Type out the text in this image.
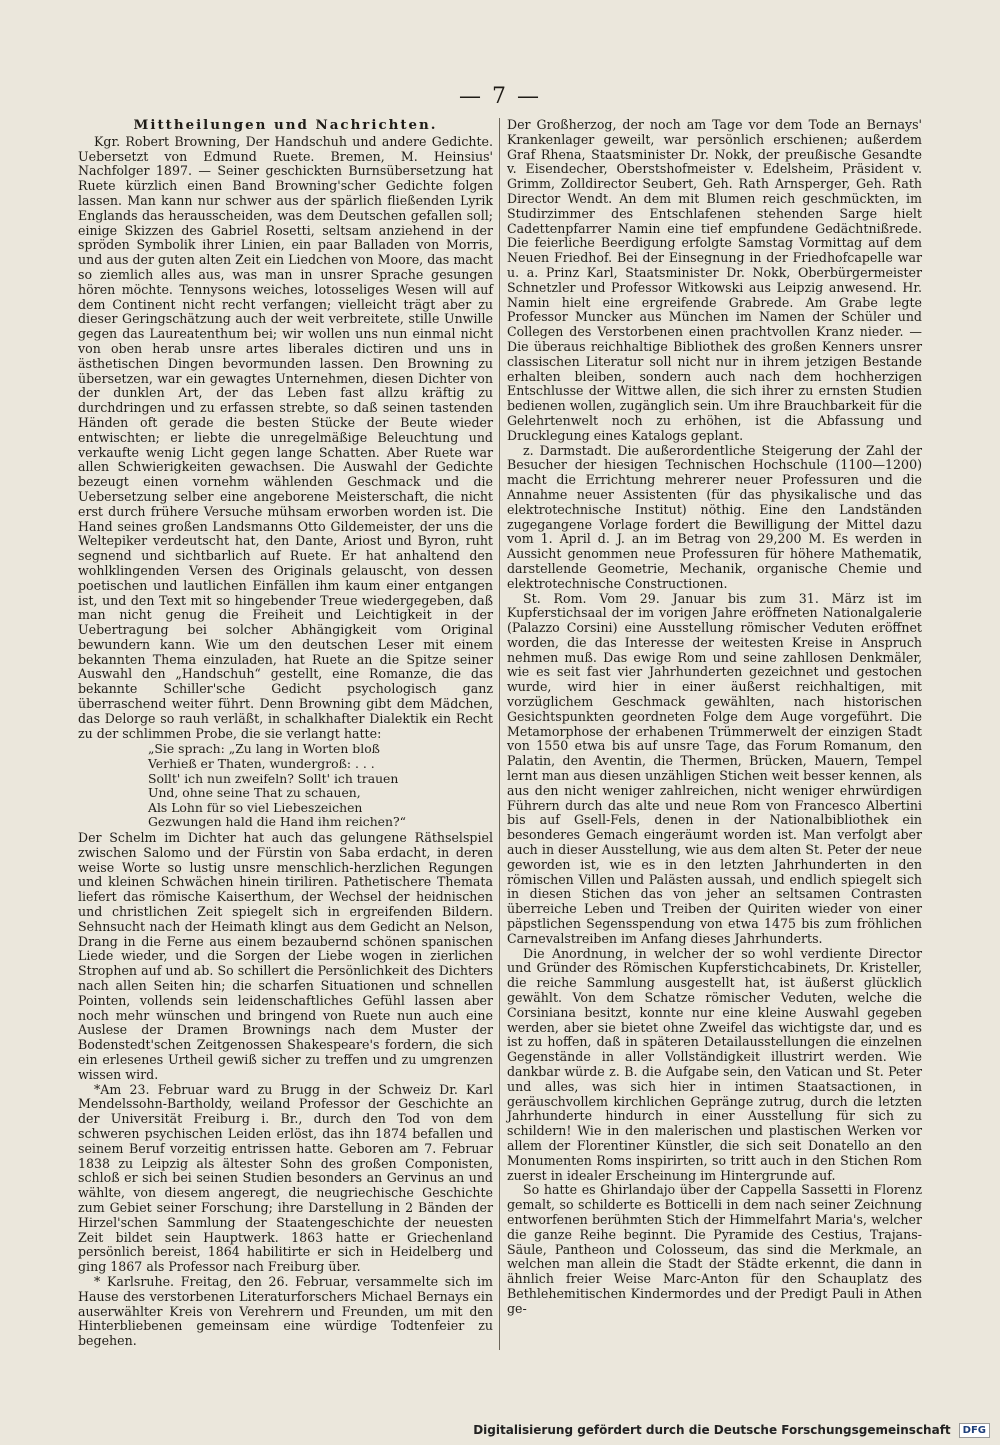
— 7 —
Mittheilungen und Nachrichten.

Kgr. Robert Browning, Der Handschuh und andere Gedichte. Uebersetzt von Edmund Ruete. Bremen, M. Heinsius' Nachfolger 1897. — Seiner geschickten Burnsübersetzung hat Ruete kürzlich einen Band Browning'scher Gedichte folgen lassen. Man kann nur schwer aus der spärlich fließenden Lyrik Englands das herausscheiden, was dem Deutschen gefallen soll; einige Skizzen des Gabriel Rosetti, seltsam anziehend in der spröden Symbolik ihrer Linien, ein paar Balladen von Morris, und aus der guten alten Zeit ein Liedchen von Moore, das macht so ziemlich alles aus, was man in unsrer Sprache gesungen hören möchte. Tennysons weiches, lotosseliges Wesen will auf dem Continent nicht recht verfangen; vielleicht trägt aber zu dieser Geringschätzung auch der weit verbreitete, stille Unwille gegen das Laureatenthum bei; wir wollen uns nun einmal nicht von oben herab unsre artes liberales dictiren und uns in ästhetischen Dingen bevormunden lassen. Den Browning zu übersetzen, war ein gewagtes Unternehmen, diesen Dichter von der dunklen Art, der das Leben fast allzu kräftig zu durchdringen und zu erfassen strebte, so daß seinen tastenden Händen oft gerade die besten Stücke der Beute wieder entwischten; er liebte die unregelmäßige Beleuchtung und verkaufte wenig Licht gegen lange Schatten. Aber Ruete war allen Schwierigkeiten gewachsen. Die Auswahl der Gedichte bezeugt einen vornehm wählenden Geschmack und die Uebersetzung selber eine angeborene Meisterschaft, die nicht erst durch frühere Versuche mühsam erworben worden ist. Die Hand seines großen Landsmanns Otto Gildemeister, der uns die Weltepiker verdeutscht hat, den Dante, Ariost und Byron, ruht segnend und sichtbarlich auf Ruete. Er hat anhaltend den wohlklingenden Versen des Originals gelauscht, von dessen poetischen und lautlichen Einfällen ihm kaum einer entgangen ist, und den Text mit so hingebender Treue wiedergegeben, daß man nicht genug die Freiheit und Leichtigkeit in der Uebertragung bei solcher Abhängigkeit vom Original bewundern kann. Wie um den deutschen Leser mit einem bekannten Thema einzuladen, hat Ruete an die Spitze seiner Auswahl den „Handschuh“ gestellt, eine Romanze, die das bekannte Schiller'sche Gedicht psychologisch ganz überraschend weiter führt. Denn Browning gibt dem Mädchen, das Delorge so rauh verläßt, in schalkhafter Dialektik ein Recht zu der schlimmen Probe, die sie verlangt hatte:

„Sie sprach: „Zu lang in Worten bloß
Verhieß er Thaten, wundergroß: . . .
Sollt' ich nun zweifeln? Sollt' ich trauen
Und, ohne seine That zu schauen,
Als Lohn für so viel Liebeszeichen
Gezwungen hald die Hand ihm reichen?“

Der Schelm im Dichter hat auch das gelungene Räthselspiel zwischen Salomo und der Fürstin von Saba erdacht, in deren weise Worte so lustig unsre menschlich-herzlichen Regungen und kleinen Schwächen hinein tiriliren. Pathetischere Themata liefert das römische Kaiserthum, der Wechsel der heidnischen und christlichen Zeit spiegelt sich in ergreifenden Bildern. Sehnsucht nach der Heimath klingt aus dem Gedicht an Nelson, Drang in die Ferne aus einem bezaubernd schönen spanischen Liede wieder, und die Sorgen der Liebe wogen in zierlichen Strophen auf und ab. So schillert die Persönlichkeit des Dichters nach allen Seiten hin; die scharfen Situationen und schnellen Pointen, vollends sein leidenschaftliches Gefühl lassen aber noch mehr wünschen und bringend von Ruete nun auch eine Auslese der Dramen Brownings nach dem Muster der Bodenstedt'schen Zeitgenossen Shakespeare's fordern, die sich ein erlesenes Urtheil gewiß sicher zu treffen und zu umgrenzen wissen wird.

*Am 23. Februar ward zu Brugg in der Schweiz Dr. Karl Mendelssohn-Bartholdy, weiland Professor der Geschichte an der Universität Freiburg i. Br., durch den Tod von dem schweren psychischen Leiden erlöst, das ihn 1874 befallen und seinem Beruf vorzeitig entrissen hatte. Geboren am 7. Februar 1838 zu Leipzig als ältester Sohn des großen Componisten, schloß er sich bei seinen Studien besonders an Gervinus an und wählte, von diesem angeregt, die neugriechische Geschichte zum Gebiet seiner Forschung; ihre Darstellung in 2 Bänden der Hirzel'schen Sammlung der Staatengeschichte der neuesten Zeit bildet sein Hauptwerk. 1863 hatte er Griechenland persönlich bereist, 1864 habilitirte er sich in Heidelberg und ging 1867 als Professor nach Freiburg über.

* Karlsruhe. Freitag, den 26. Februar, versammelte sich im Hause des verstorbenen Literaturforschers Michael Bernays ein auserwählter Kreis von Verehrern und Freunden, um mit den Hinterbliebenen gemeinsam eine würdige Todtenfeier zu begehen.

Der Großherzog, der noch am Tage vor dem Tode an Bernays' Krankenlager geweilt, war persönlich erschienen; außerdem Graf Rhena, Staatsminister Dr. Nokk, der preußische Gesandte v. Eisendecher, Oberstshofmeister v. Edelsheim, Präsident v. Grimm, Zolldirector Seubert, Geh. Rath Arnsperger, Geh. Rath Director Wendt. An dem mit Blumen reich geschmückten, im Studirzimmer des Entschlafenen stehenden Sarge hielt Cadettenpfarrer Namin eine tief empfundene Gedächtnißrede. Die feierliche Beerdigung erfolgte Samstag Vormittag auf dem Neuen Friedhof. Bei der Einsegnung in der Friedhofcapelle war u. a. Prinz Karl, Staatsminister Dr. Nokk, Oberbürgermeister Schnetzler und Professor Witkowski aus Leipzig anwesend. Hr. Namin hielt eine ergreifende Grabrede. Am Grabe legte Professor Muncker aus München im Namen der Schüler und Collegen des Verstorbenen einen prachtvollen Kranz nieder. — Die überaus reichhaltige Bibliothek des großen Kenners unsrer classischen Literatur soll nicht nur in ihrem jetzigen Bestande erhalten bleiben, sondern auch nach dem hochherzigen Entschlusse der Wittwe allen, die sich ihrer zu ernsten Studien bedienen wollen, zugänglich sein. Um ihre Brauchbarkeit für die Gelehrtenwelt noch zu erhöhen, ist die Abfassung und Drucklegung eines Katalogs geplant.

z. Darmstadt. Die außerordentliche Steigerung der Zahl der Besucher der hiesigen Technischen Hochschule (1100—1200) macht die Errichtung mehrerer neuer Professuren und die Annahme neuer Assistenten (für das physikalische und das elektrotechnische Institut) nöthig. Eine den Landständen zugegangene Vorlage fordert die Bewilligung der Mittel dazu vom 1. April d. J. an im Betrag von 29,200 M. Es werden in Aussicht genommen neue Professuren für höhere Mathematik, darstellende Geometrie, Mechanik, organische Chemie und elektrotechnische Constructionen.

St. Rom. Vom 29. Januar bis zum 31. März ist im Kupferstichsaal der im vorigen Jahre eröffneten Nationalgalerie (Palazzo Corsini) eine Ausstellung römischer Veduten eröffnet worden, die das Interesse der weitesten Kreise in Anspruch nehmen muß. Das ewige Rom und seine zahllosen Denkmäler, wie es seit fast vier Jahrhunderten gezeichnet und gestochen wurde, wird hier in einer äußerst reichhaltigen, mit vorzüglichem Geschmack gewählten, nach historischen Gesichtspunkten geordneten Folge dem Auge vorgeführt. Die Metamorphose der erhabenen Trümmerwelt der einzigen Stadt von 1550 etwa bis auf unsre Tage, das Forum Romanum, den Palatin, den Aventin, die Thermen, Brücken, Mauern, Tempel lernt man aus diesen unzähligen Stichen weit besser kennen, als aus den nicht weniger zahlreichen, nicht weniger ehrwürdigen Führern durch das alte und neue Rom von Francesco Albertini bis auf Gsell-Fels, denen in der Nationalbibliothek ein besonderes Gemach eingeräumt worden ist. Man verfolgt aber auch in dieser Ausstellung, wie aus dem alten St. Peter der neue geworden ist, wie es in den letzten Jahrhunderten in den römischen Villen und Palästen aussah, und endlich spiegelt sich in diesen Stichen das von jeher an seltsamen Contrasten überreiche Leben und Treiben der Quiriten wieder von einer päpstlichen Segensspendung von etwa 1475 bis zum fröhlichen Carnevalstreiben im Anfang dieses Jahrhunderts.

Die Anordnung, in welcher der so wohl verdiente Director und Gründer des Römischen Kupferstichcabinets, Dr. Kristeller, die reiche Sammlung ausgestellt hat, ist äußerst glücklich gewählt. Von dem Schatze römischer Veduten, welche die Corsiniana besitzt, konnte nur eine kleine Auswahl gegeben werden, aber sie bietet ohne Zweifel das wichtigste dar, und es ist zu hoffen, daß in späteren Detailausstellungen die einzelnen Gegenstände in aller Vollständigkeit illustrirt werden. Wie dankbar würde z. B. die Aufgabe sein, den Vatican und St. Peter und alles, was sich hier in intimen Staatsactionen, in geräuschvollem kirchlichen Gepränge zutrug, durch die letzten Jahrhunderte hindurch in einer Ausstellung für sich zu schildern! Wie in den malerischen und plastischen Werken vor allem der Florentiner Künstler, die sich seit Donatello an den Monumenten Roms inspirirten, so tritt auch in den Stichen Rom zuerst in idealer Erscheinung im Hintergrunde auf.

So hatte es Ghirlandajo über der Cappella Sassetti in Florenz gemalt, so schilderte es Botticelli in dem nach seiner Zeichnung entworfenen berühmten Stich der Himmelfahrt Maria's, welcher die ganze Reihe beginnt. Die Pyramide des Cestius, Trajans-Säule, Pantheon und Colosseum, das sind die Merkmale, an welchen man allein die Stadt der Städte erkennt, die dann in ähnlich freier Weise Marc-Anton für den Schauplatz des Bethlehemitischen Kindermordes und der Predigt Pauli in Athen ge-

Digitalisierung gefördert durch die Deutsche Forschungsgemeinschaft	DFG
